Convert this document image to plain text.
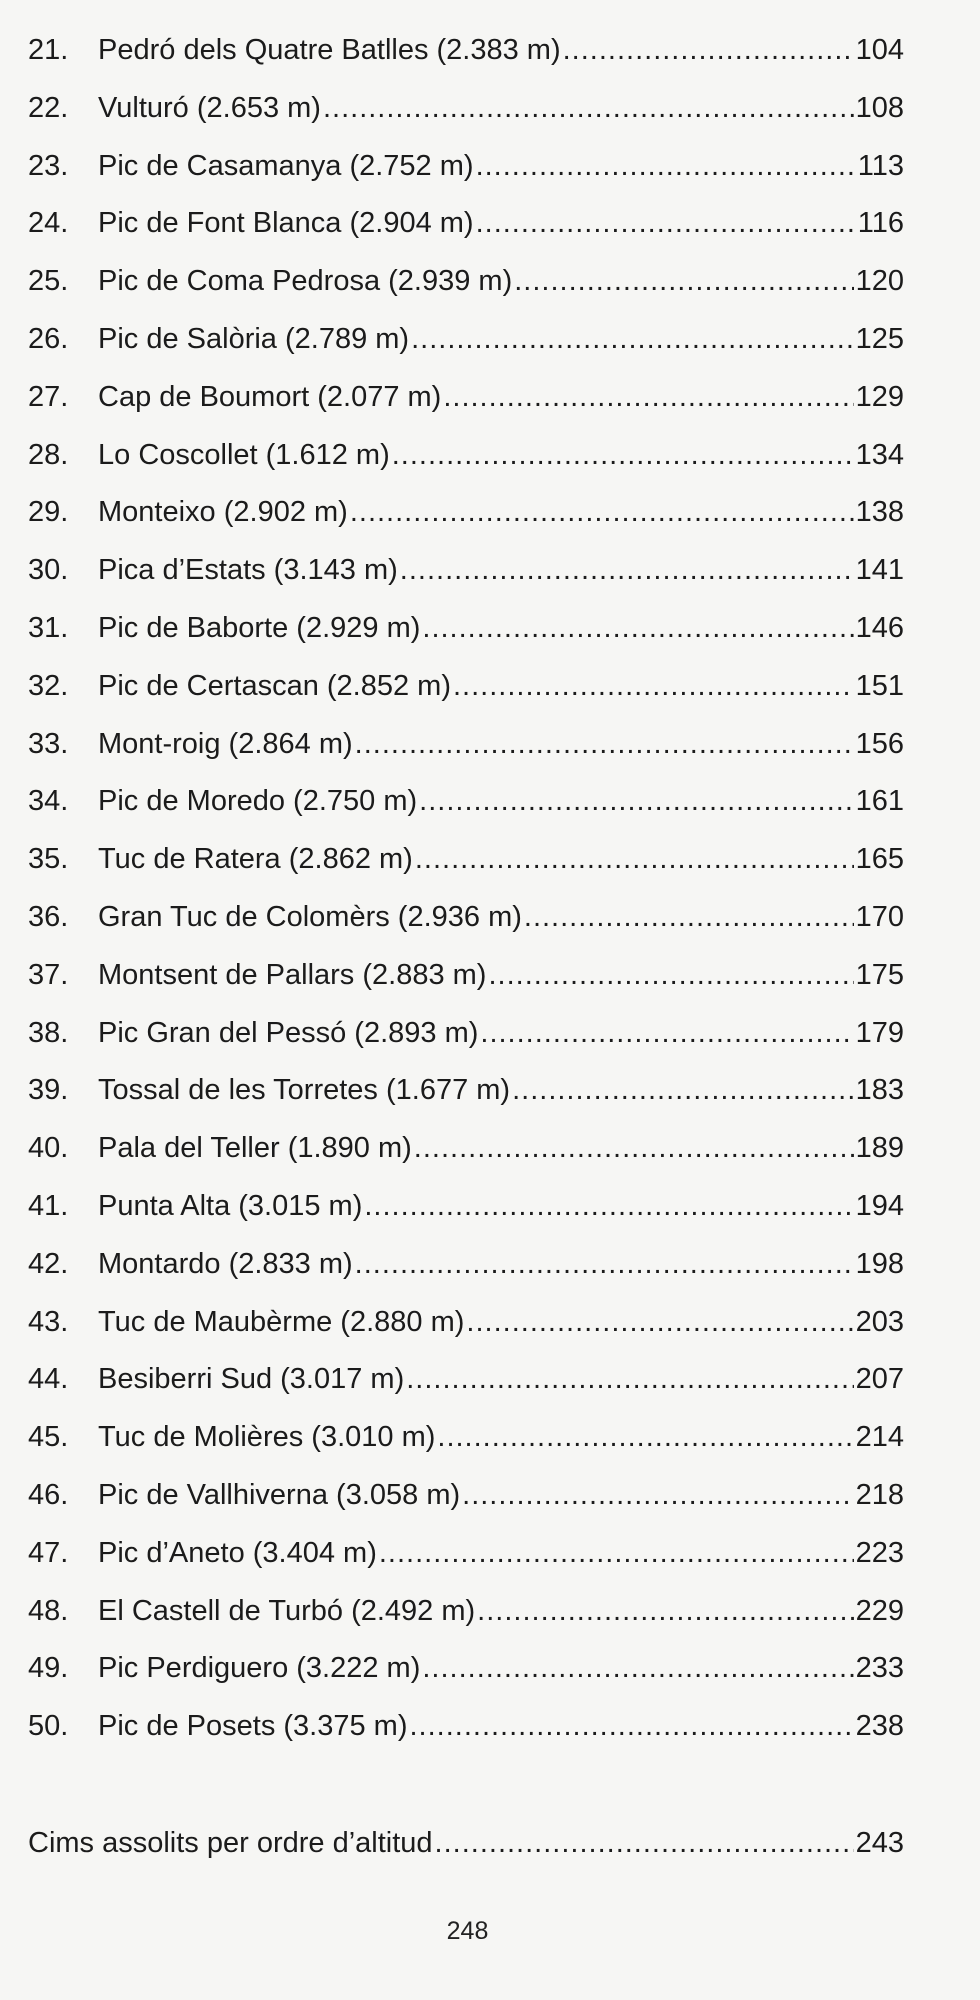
21.	Pedró dels Quatre Batlles (2.383 m) .....	104
22.	Vulturó (2.653 m) .....	108
23.	Pic de Casamanya (2.752 m) .....	113
24.	Pic de Font Blanca (2.904 m) .....	116
25.	Pic de Coma Pedrosa (2.939 m) .....	120
26.	Pic de Salòria (2.789 m) .....	125
27.	Cap de Boumort (2.077 m) .....	129
28.	Lo Coscollet (1.612 m) .....	134
29.	Monteixo (2.902 m) .....	138
30.	Pica d’Estats (3.143 m) .....	141
31.	Pic de Baborte (2.929 m) .....	146
32.	Pic de Certascan (2.852 m) .....	151
33.	Mont-roig (2.864 m) .....	156
34.	Pic de Moredo (2.750 m) .....	161
35.	Tuc de Ratera (2.862 m) .....	165
36.	Gran Tuc de Colomèrs (2.936 m) .....	170
37.	Montsent de Pallars (2.883 m) .....	175
38.	Pic Gran del Pessó (2.893 m) .....	179
39.	Tossal de les Torretes (1.677 m) .....	183
40.	Pala del Teller (1.890 m) .....	189
41.	Punta Alta (3.015 m) .....	194
42.	Montardo (2.833 m) .....	198
43.	Tuc de Maubèrme (2.880 m) .....	203
44.	Besiberri Sud (3.017 m) .....	207
45.	Tuc de Molières (3.010 m) .....	214
46.	Pic de Vallhiverna (3.058 m) .....	218
47.	Pic d’Aneto (3.404 m) .....	223
48.	El Castell de Turbó (2.492 m) .....	229
49.	Pic Perdiguero (3.222 m) .....	233
50.	Pic de Posets (3.375 m) .....	238
Cims assolits per ordre d’altitud .....	243
248
